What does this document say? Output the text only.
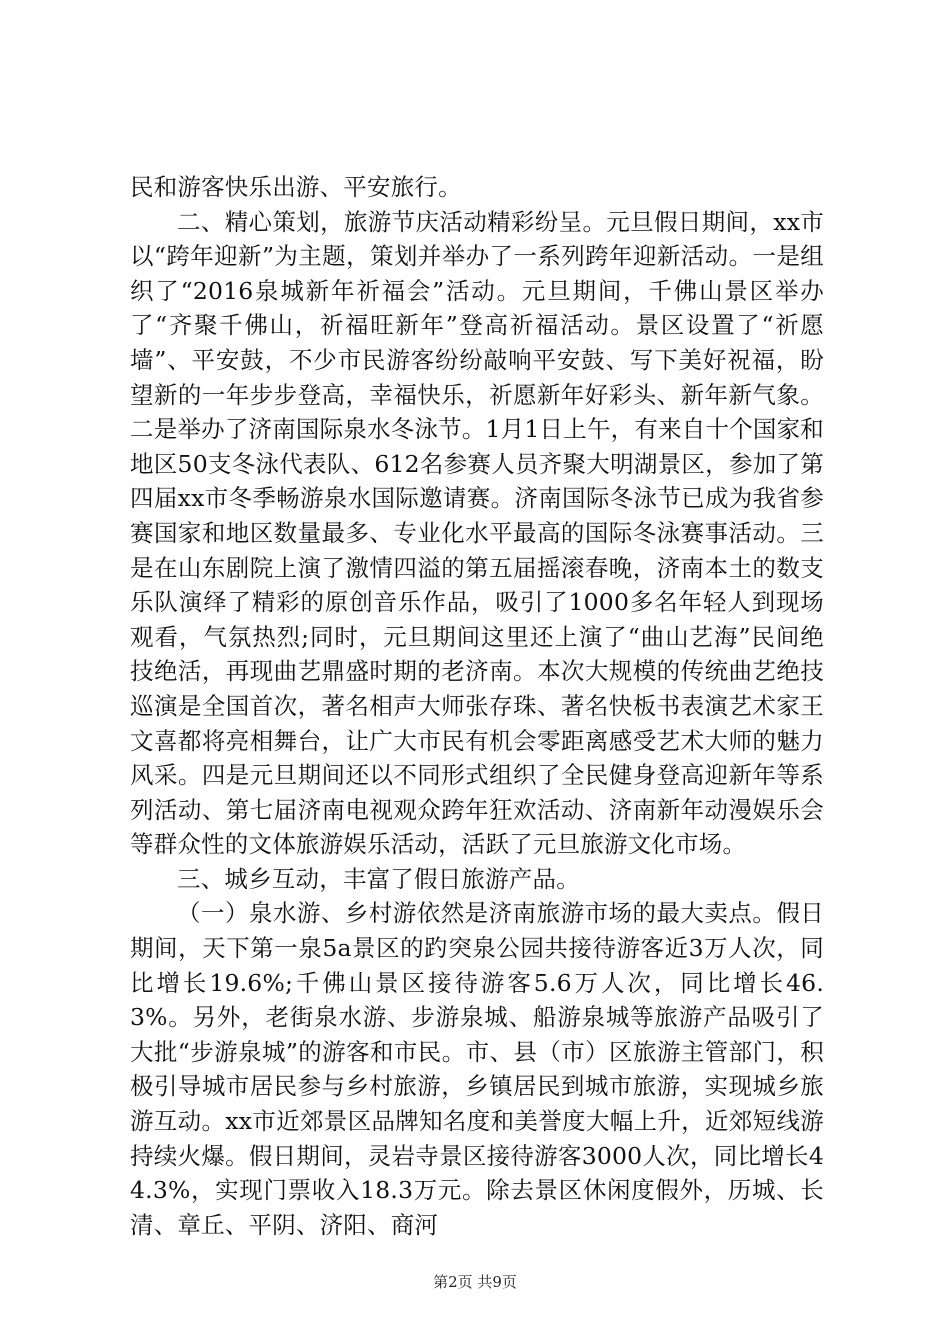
民和游客快乐出游、平安旅行。

二、精心策划，旅游节庆活动精彩纷呈。元旦假日期间，xx市以“跨年迎新”为主题，策划并举办了一系列跨年迎新活动。一是组织了“2016泉城新年祈福会”活动。元旦期间，千佛山景区举办了“齐聚千佛山，祈福旺新年”登高祈福活动。景区设置了“祈愿墙”、平安鼓，不少市民游客纷纷敲响平安鼓、写下美好祝福，盼望新的一年步步登高，幸福快乐，祈愿新年好彩头、新年新气象。二是举办了济南国际泉水冬泳节。1月1日上午，有来自十个国家和地区50支冬泳代表队、612名参赛人员齐聚大明湖景区，参加了第四届xx市冬季畅游泉水国际邀请赛。济南国际冬泳节已成为我省参赛国家和地区数量最多、专业化水平最高的国际冬泳赛事活动。三是在山东剧院上演了激情四溢的第五届摇滚春晚，济南本土的数支乐队演绎了精彩的原创音乐作品，吸引了1000多名年轻人到现场观看，气氛热烈;同时，元旦期间这里还上演了“曲山艺海”民间绝技绝活，再现曲艺鼎盛时期的老济南。本次大规模的传统曲艺绝技巡演是全国首次，著名相声大师张存珠、著名快板书表演艺术家王文喜都将亮相舞台，让广大市民有机会零距离感受艺术大师的魅力风采。四是元旦期间还以不同形式组织了全民健身登高迎新年等系列活动、第七届济南电视观众跨年狂欢活动、济南新年动漫娱乐会等群众性的文体旅游娱乐活动，活跃了元旦旅游文化市场。

三、城乡互动，丰富了假日旅游产品。

（一）泉水游、乡村游依然是济南旅游市场的最大卖点。假日期间，天下第一泉5a景区的趵突泉公园共接待游客近3万人次，同比增长19.6%;千佛山景区接待游客5.6万人次，同比增长46.3%。另外，老街泉水游、步游泉城、船游泉城等旅游产品吸引了大批“步游泉城”的游客和市民。市、县（市）区旅游主管部门，积极引导城市居民参与乡村旅游，乡镇居民到城市旅游，实现城乡旅游互动。xx市近郊景区品牌知名度和美誉度大幅上升，近郊短线游持续火爆。假日期间，灵岩寺景区接待游客3000人次，同比增长44.3%，实现门票收入18.3万元。除去景区休闲度假外，历城、长清、章丘、平阴、济阳、商河

第2页 共9页
